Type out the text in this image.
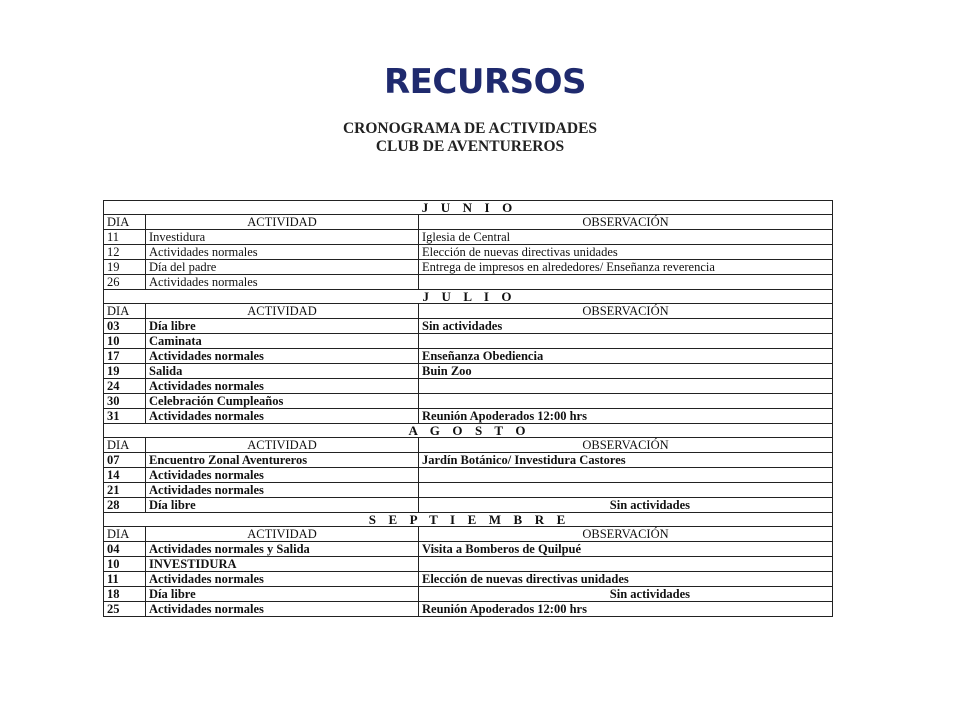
RECURSOS
CRONOGRAMA DE ACTIVIDADES
CLUB DE AVENTUREROS
J  U  N  I  O		
DIA	ACTIVIDAD	OBSERVACIÓN
11	Investidura	Iglesia de Central
12	Actividades normales	Elección de nuevas directivas unidades
19	Día del padre	Entrega de impresos en alrededores/ Enseñanza reverencia
26	Actividades normales	
J  U  L  I  O		
DIA	ACTIVIDAD	OBSERVACIÓN
03	Día libre	Sin actividades
10	Caminata	
17	Actividades normales	Enseñanza Obediencia
19	Salida	Buin Zoo
24	Actividades normales	
30	Celebración Cumpleaños	
31	Actividades normales	Reunión Apoderados 12:00 hrs
A  G  O  S  T  O		
DIA	ACTIVIDAD	OBSERVACIÓN
07	Encuentro Zonal Aventureros	Jardín Botánico/ Investidura Castores
14	Actividades normales	
21	Actividades normales	
28	Día libre	Sin actividades
S  E  P  T  I  E  M  B  R  E		
DIA	ACTIVIDAD	OBSERVACIÓN
04	Actividades normales y Salida	Visita a Bomberos de Quilpué
10	INVESTIDURA	
11	Actividades normales	Elección de nuevas directivas unidades
18	Día libre	Sin actividades
25	Actividades normales	Reunión Apoderados 12:00 hrs
